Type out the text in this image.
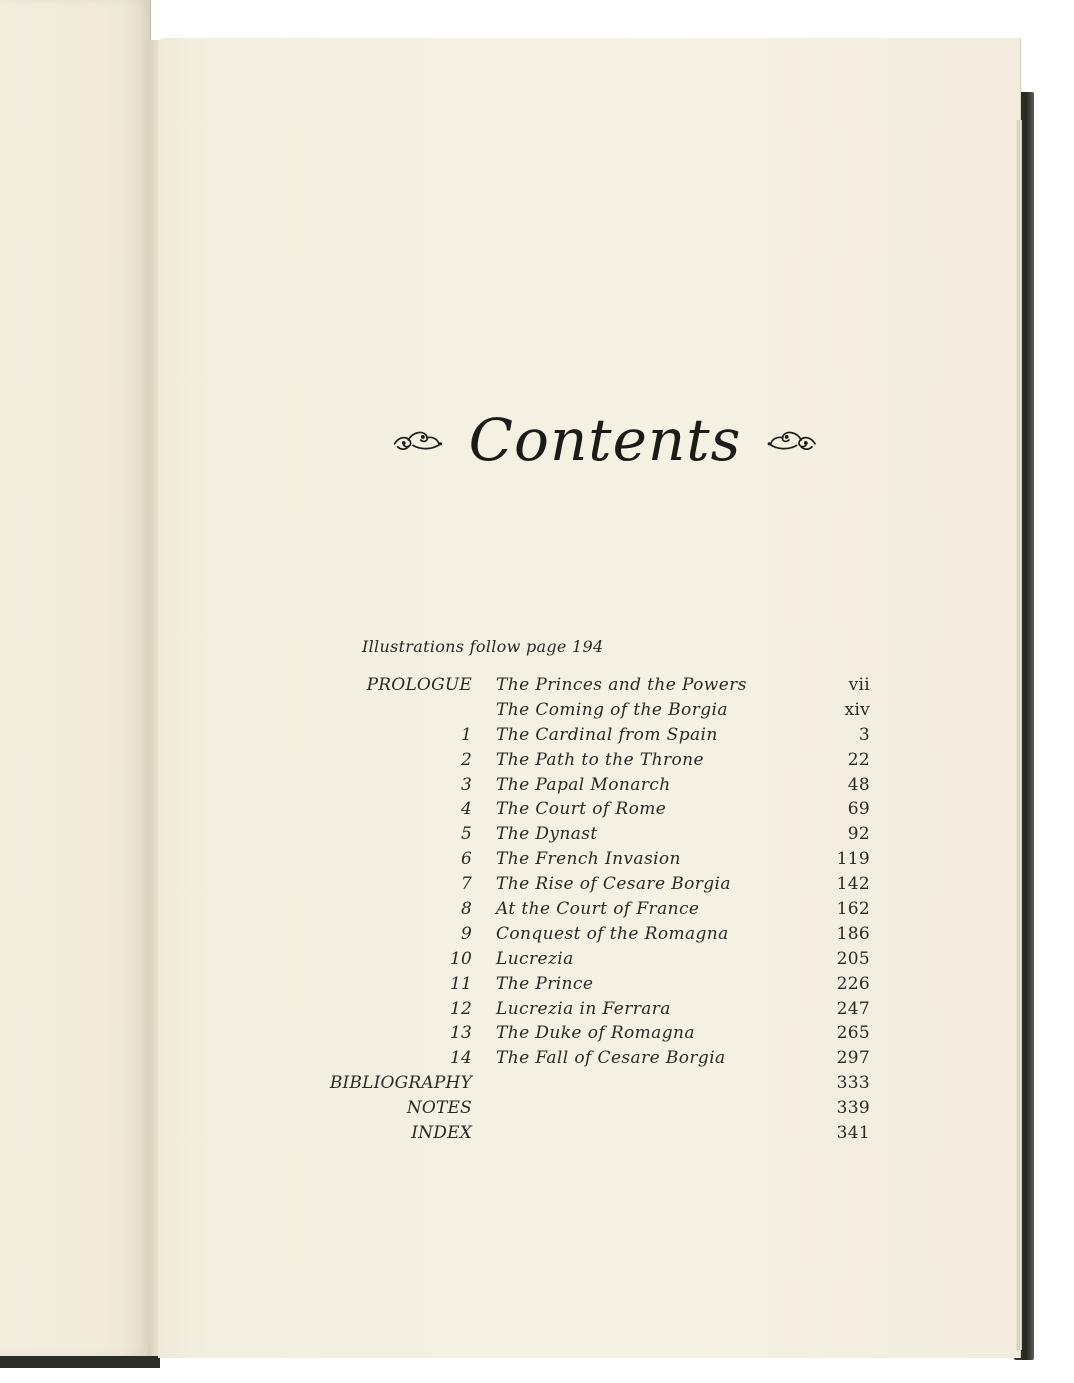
Contents
Illustrations follow page 194
PROLOGUE The Princes and the Powers	vii
The Coming of the Borgia	xiv
1 The Cardinal from Spain	3
2 The Path to the Throne	22
3 The Papal Monarch	48
4 The Court of Rome	69
5 The Dynast	92
6 The French Invasion	119
7 The Rise of Cesare Borgia	142
8 At the Court of France	162
9 Conquest of the Romagna	186
10 Lucrezia	205
11 The Prince	226
12 Lucrezia in Ferrara	247
13 The Duke of Romagna	265
14 The Fall of Cesare Borgia	297
BIBLIOGRAPHY	333
NOTES	339
INDEX	341
